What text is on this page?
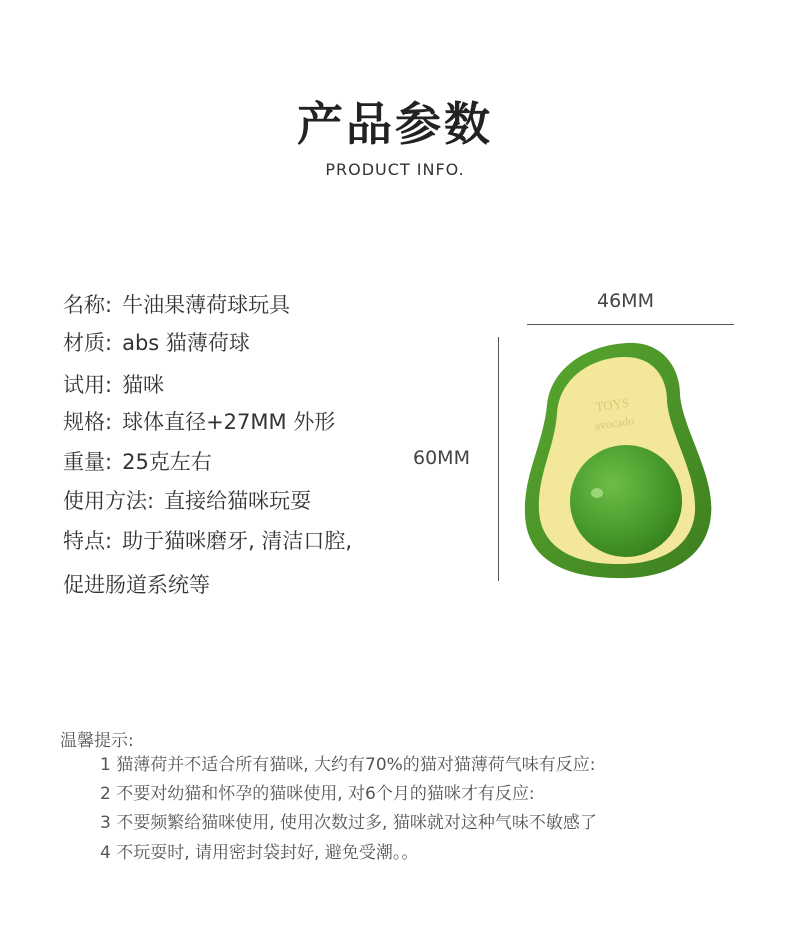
产品参数
PRODUCT INFO.
名称: 牛油果薄荷球玩具
材质: abs 猫薄荷球
试用: 猫咪
规格: 球体直径+27MM 外形
重量: 25克左右
使用方法: 直接给猫咪玩耍
特点: 助于猫咪磨牙, 清洁口腔,
促进肠道系统等
46MM
60MM
TOYS
avocado
温馨提示:
1 猫薄荷并不适合所有猫咪, 大约有70%的猫对猫薄荷气味有反应:
2 不要对幼猫和怀孕的猫咪使用, 对6个月的猫咪才有反应:
3 不要频繁给猫咪使用, 使用次数过多, 猫咪就对这种气味不敏感了
4 不玩耍时, 请用密封袋封好, 避免受潮。。
